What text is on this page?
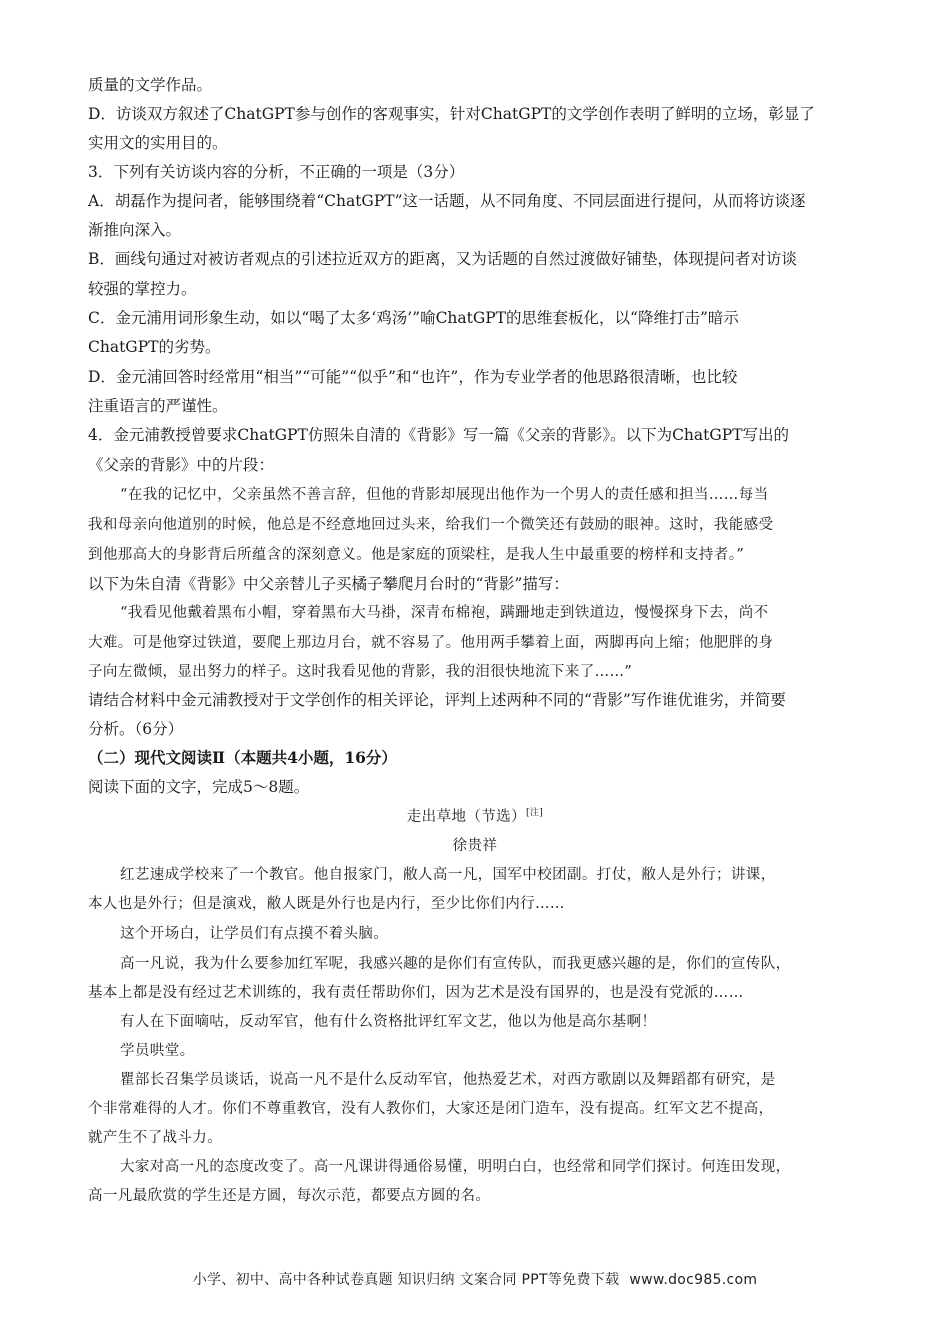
质量的文学作品。
D．访谈双方叙述了ChatGPT参与创作的客观事实，针对ChatGPT的文学创作表明了鲜明的立场，彰显了
实用文的实用目的。
3．下列有关访谈内容的分析，不正确的一项是（3分）
A．胡磊作为提问者，能够围绕着“ChatGPT”这一话题，从不同角度、不同层面进行提问，从而将访谈逐
渐推向深入。
B．画线句通过对被访者观点的引述拉近双方的距离，又为话题的自然过渡做好铺垫，体现提问者对访谈
较强的掌控力。
C．金元浦用词形象生动，如以“喝了太多‘鸡汤’”喻ChatGPT的思维套板化，以“降维打击”暗示
ChatGPT的劣势。
D．金元浦回答时经常用“相当”“可能”“似乎”和“也许”，作为专业学者的他思路很清晰，也比较
注重语言的严谨性。
4．金元浦教授曾要求ChatGPT仿照朱自清的《背影》写一篇《父亲的背影》。以下为ChatGPT写出的
《父亲的背影》中的片段：
“在我的记忆中，父亲虽然不善言辞，但他的背影却展现出他作为一个男人的责任感和担当……每当
我和母亲向他道别的时候，他总是不经意地回过头来，给我们一个微笑还有鼓励的眼神。这时，我能感受
到他那高大的身影背后所蕴含的深刻意义。他是家庭的顶梁柱，是我人生中最重要的榜样和支持者。”
以下为朱自清《背影》中父亲替儿子买橘子攀爬月台时的“背影”描写：
“我看见他戴着黑布小帽，穿着黑布大马褂，深青布棉袍，蹒跚地走到铁道边，慢慢探身下去，尚不
大难。可是他穿过铁道，要爬上那边月台，就不容易了。他用两手攀着上面，两脚再向上缩；他肥胖的身
子向左微倾，显出努力的样子。这时我看见他的背影，我的泪很快地流下来了……”
请结合材料中金元浦教授对于文学创作的相关评论，评判上述两种不同的“背影”写作谁优谁劣，并简要
分析。（6分）
（二）现代文阅读Ⅱ（本题共4小题，16分）
阅读下面的文字，完成5～8题。
走出草地（节选）[注]
徐贵祥
红艺速成学校来了一个教官。他自报家门，敝人高一凡，国军中校团副。打仗，敝人是外行；讲课，
本人也是外行；但是演戏，敝人既是外行也是内行，至少比你们内行……
这个开场白，让学员们有点摸不着头脑。
高一凡说，我为什么要参加红军呢，我感兴趣的是你们有宣传队，而我更感兴趣的是，你们的宣传队，
基本上都是没有经过艺术训练的，我有责任帮助你们，因为艺术是没有国界的，也是没有党派的……
有人在下面嘀咕，反动军官，他有什么资格批评红军文艺，他以为他是高尔基啊！
学员哄堂。
瞿部长召集学员谈话，说高一凡不是什么反动军官，他热爱艺术，对西方歌剧以及舞蹈都有研究，是
个非常难得的人才。你们不尊重教官，没有人教你们，大家还是闭门造车，没有提高。红军文艺不提高，
就产生不了战斗力。
大家对高一凡的态度改变了。高一凡课讲得通俗易懂，明明白白，也经常和同学们探讨。何连田发现，
高一凡最欣赏的学生还是方圆，每次示范，都要点方圆的名。
小学、初中、高中各种试卷真题 知识归纳 文案合同 PPT等免费下载 www.doc985.com
